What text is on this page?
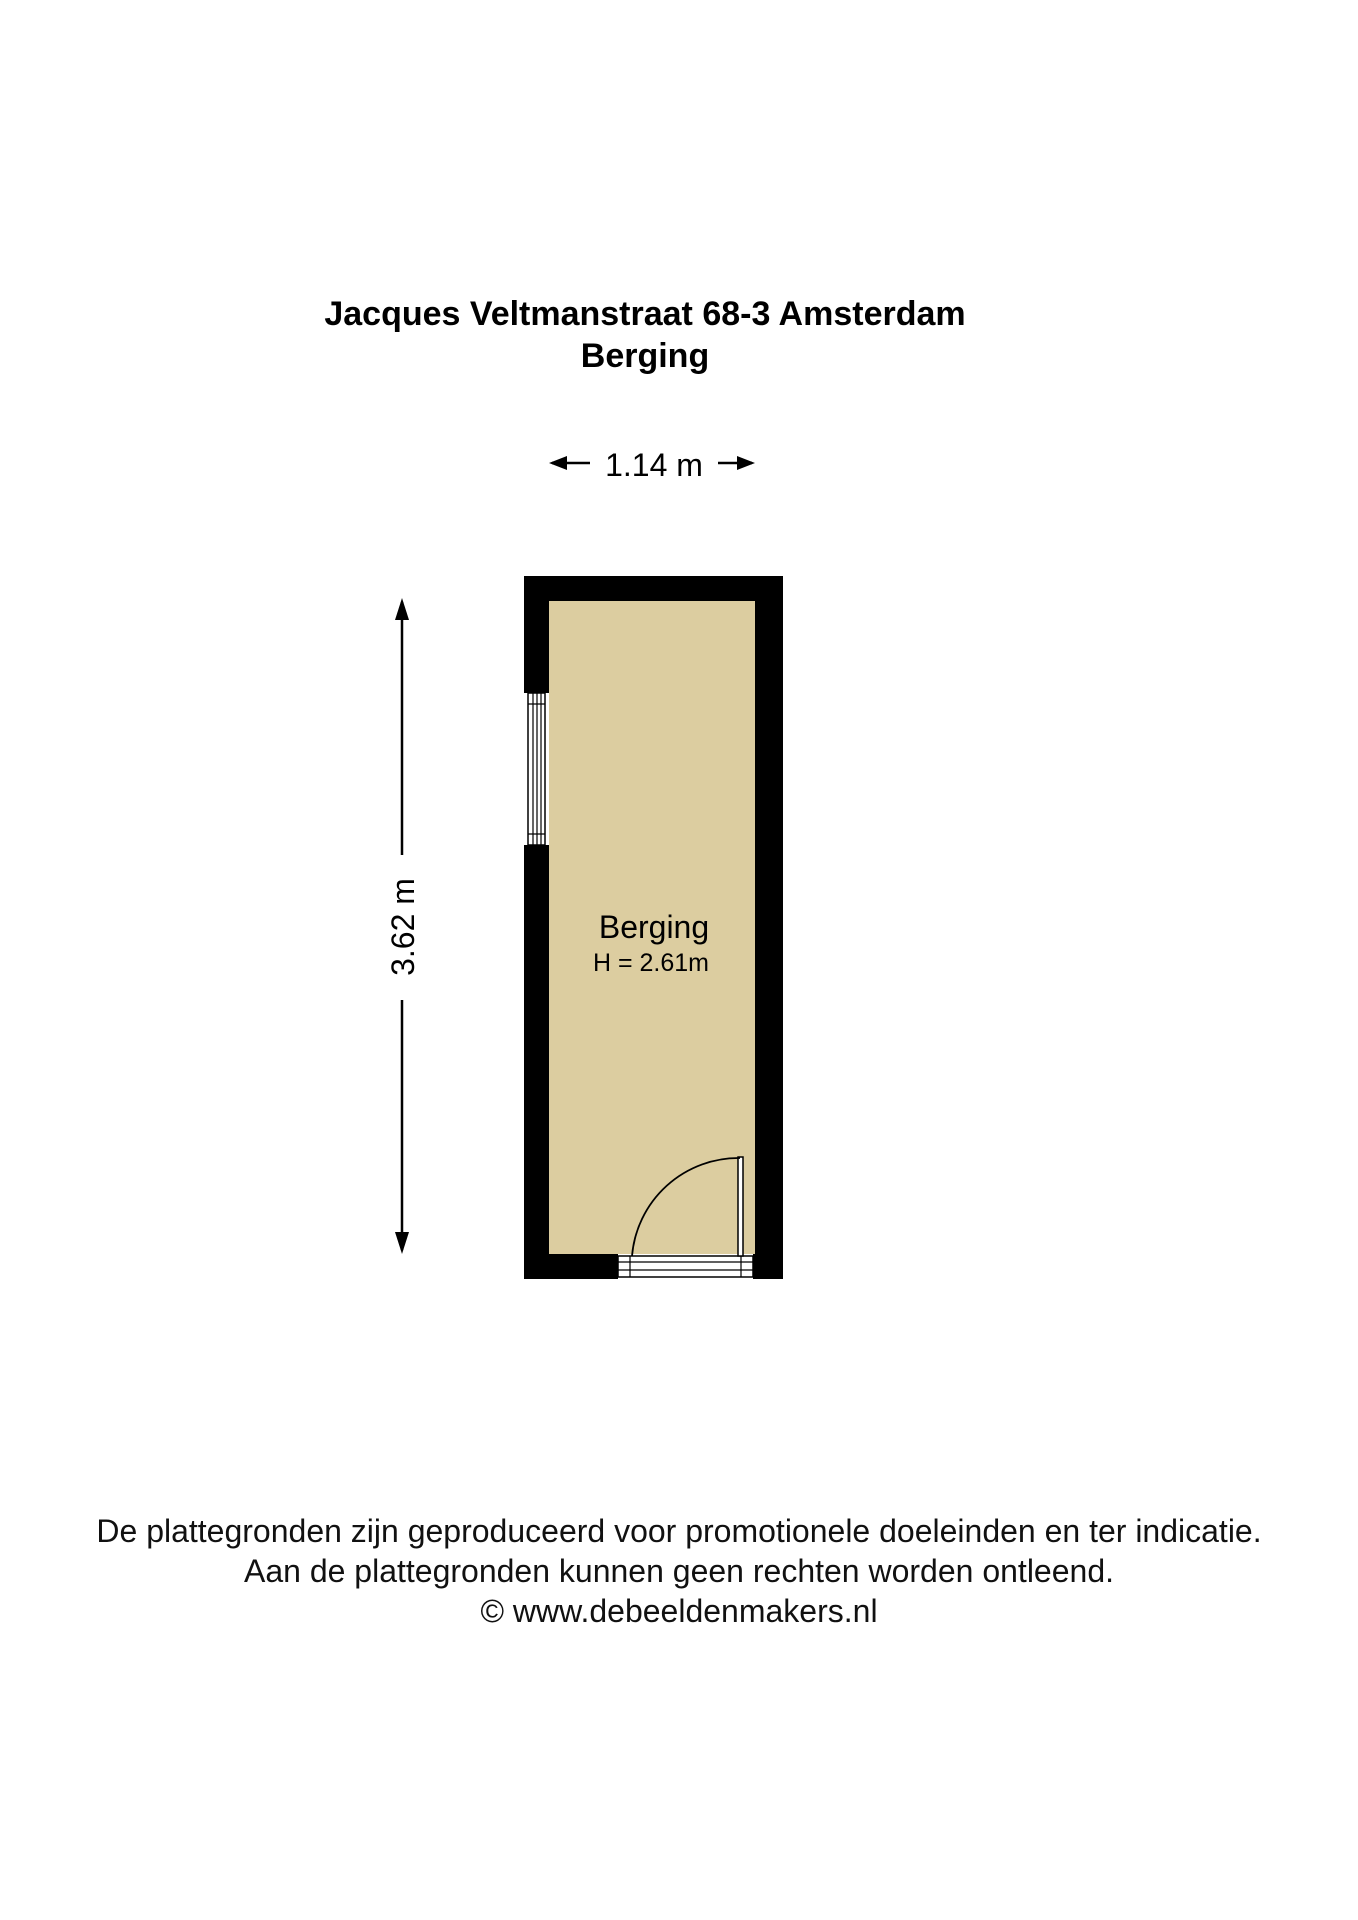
Jacques Veltmanstraat 68-3 Amsterdam
Berging
1.14 m
3.62 m	Berging
H = 2.61m
De plattegronden zijn geproduceerd voor promotionele doeleinden en ter indicatie.
Aan de plattegronden kunnen geen rechten worden ontleend.
© www.debeeldenmakers.nl
